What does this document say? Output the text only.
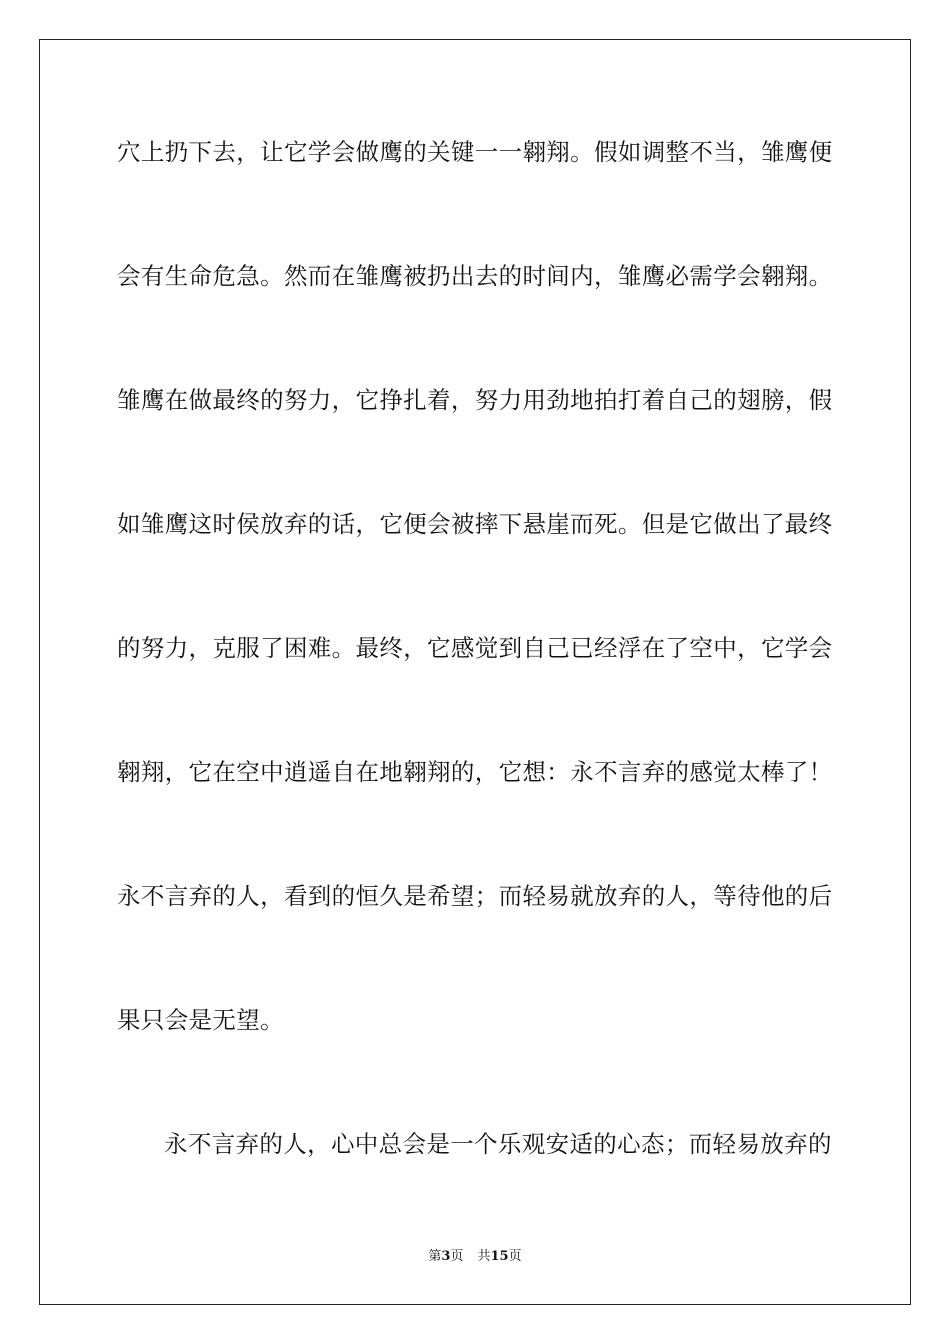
穴上扔下去，让它学会做鹰的关键一一翱翔。假如调整不当，雏鹰便
会有生命危急。然而在雏鹰被扔出去的时间内，雏鹰必需学会翱翔。
雏鹰在做最终的努力，它挣扎着，努力用劲地拍打着自己的翅膀，假
如雏鹰这时侯放弃的话，它便会被摔下悬崖而死。但是它做出了最终
的努力，克服了困难。最终，它感觉到自己已经浮在了空中，它学会
翱翔，它在空中逍遥自在地翱翔的，它想：永不言弃的感觉太棒了！
永不言弃的人，看到的恒久是希望；而轻易就放弃的人，等待他的后
果只会是无望。
永不言弃的人，心中总会是一个乐观安适的心态；而轻易放弃的
第3页 共15页
